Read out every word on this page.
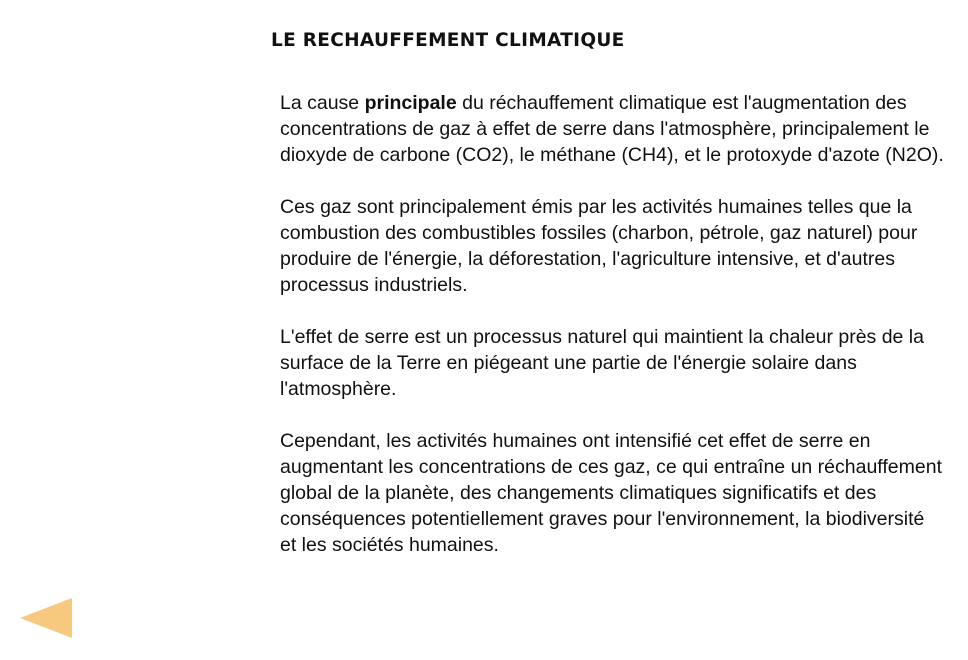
LE RECHAUFFEMENT CLIMATIQUE

La cause principale du réchauffement climatique est l'augmentation des concentrations de gaz à effet de serre dans l'atmosphère, principalement le dioxyde de carbone (CO2), le méthane (CH4), et le protoxyde d'azote (N2O).

Ces gaz sont principalement émis par les activités humaines telles que la combustion des combustibles fossiles (charbon, pétrole, gaz naturel) pour produire de l'énergie, la déforestation, l'agriculture intensive, et d'autres processus industriels.

L'effet de serre est un processus naturel qui maintient la chaleur près de la surface de la Terre en piégeant une partie de l'énergie solaire dans l'atmosphère.

Cependant, les activités humaines ont intensifié cet effet de serre en augmentant les concentrations de ces gaz, ce qui entraîne un réchauffement global de la planète, des changements climatiques significatifs et des conséquences potentiellement graves pour l'environnement, la biodiversité et les sociétés humaines.
